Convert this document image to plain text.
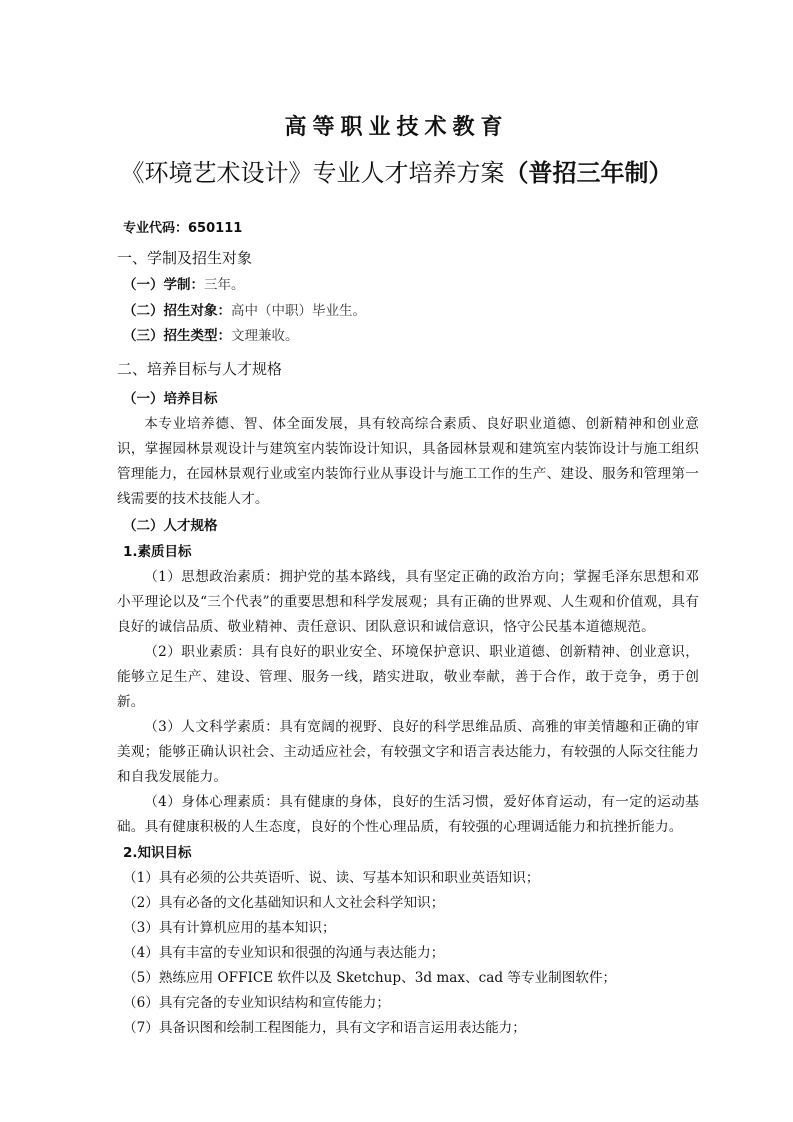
高等职业技术教育
《环境艺术设计》专业人才培养方案（普招三年制）
专业代码：650111
一、学制及招生对象
（一）学制：三年。
（二）招生对象：高中（中职）毕业生。
（三）招生类型：文理兼收。
二、培养目标与人才规格
（一）培养目标
本专业培养德、智、体全面发展，具有较高综合素质、良好职业道德、创新精神和创业意识，掌握园林景观设计与建筑室内装饰设计知识，具备园林景观和建筑室内装饰设计与施工组织管理能力，在园林景观行业或室内装饰行业从事设计与施工工作的生产、建设、服务和管理第一线需要的技术技能人才。
（二）人才规格
1.素质目标
（1）思想政治素质：拥护党的基本路线，具有坚定正确的政治方向；掌握毛泽东思想和邓小平理论以及“三个代表”的重要思想和科学发展观；具有正确的世界观、人生观和价值观，具有良好的诚信品质、敬业精神、责任意识、团队意识和诚信意识，恪守公民基本道德规范。
（2）职业素质：具有良好的职业安全、环境保护意识、职业道德、创新精神、创业意识，能够立足生产、建设、管理、服务一线，踏实进取，敬业奉献，善于合作，敢于竞争，勇于创新。
（3）人文科学素质：具有宽阔的视野、良好的科学思维品质、高雅的审美情趣和正确的审美观；能够正确认识社会、主动适应社会，有较强文字和语言表达能力，有较强的人际交往能力和自我发展能力。
（4）身体心理素质：具有健康的身体，良好的生活习惯，爱好体育运动，有一定的运动基础。具有健康积极的人生态度，良好的个性心理品质，有较强的心理调适能力和抗挫折能力。
2.知识目标
（1）具有必须的公共英语听、说、读、写基本知识和职业英语知识；
（2）具有必备的文化基础知识和人文社会科学知识；
（3）具有计算机应用的基本知识；
（4）具有丰富的专业知识和很强的沟通与表达能力；
（5）熟练应用 OFFICE 软件以及 Sketchup、3d max、cad 等专业制图软件；
（6）具有完备的专业知识结构和宣传能力；
（7）具备识图和绘制工程图能力，具有文字和语言运用表达能力；
